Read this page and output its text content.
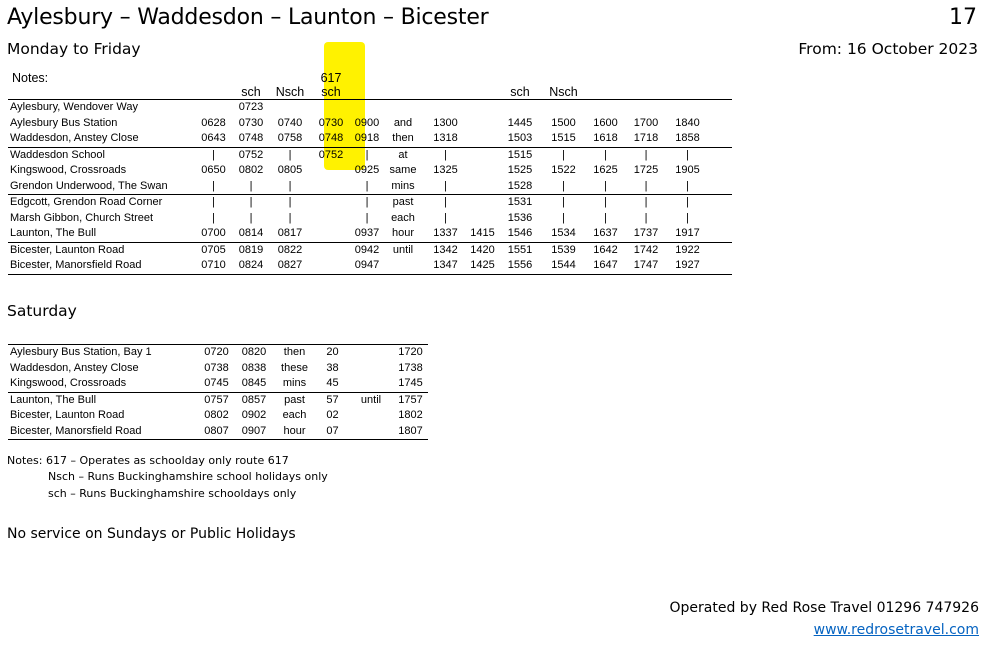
Aylesbury – Waddesdon – Launton – Bicester	17
Monday to Friday	From: 16 October 2023
Notes:				617										
		sch	Nsch	sch					sch	Nsch				
Aylesbury, Wendover Way		0723												
Aylesbury Bus Station	0628	0730	0740	0730	0900	and	1300		1445	1500	1600	1700	1840	
Waddesdon, Anstey Close	0643	0748	0758	0748	0918	then	1318		1503	1515	1618	1718	1858	
Waddesdon School	|	0752	|	0752	|	at	|		1515	|	|	|	|	
Kingswood, Crossroads	0650	0802	0805		0925	same	1325		1525	1522	1625	1725	1905	
Grendon Underwood, The Swan	|	|	|		|	mins	|		1528	|	|	|	|	
Edgcott, Grendon Road Corner	|	|	|		|	past	|		1531	|	|	|	|	
Marsh Gibbon, Church Street	|	|	|		|	each	|		1536	|	|	|	|	
Launton, The Bull	0700	0814	0817		0937	hour	1337	1415	1546	1534	1637	1737	1917	
Bicester, Launton Road	0705	0819	0822		0942	until	1342	1420	1551	1539	1642	1742	1922	
Bicester, Manorsfield Road	0710	0824	0827		0947		1347	1425	1556	1544	1647	1747	1927	
Saturday
Aylesbury Bus Station, Bay 1	0720	0820	then	20		1720
Waddesdon, Anstey Close	0738	0838	these	38		1738
Kingswood, Crossroads	0745	0845	mins	45		1745
Launton, The Bull	0757	0857	past	57	until	1757
Bicester, Launton Road	0802	0902	each	02		1802
Bicester, Manorsfield Road	0807	0907	hour	07		1807
Notes: 617 – Operates as schoolday only route 617
Nsch – Runs Buckinghamshire school holidays only
sch – Runs Buckinghamshire schooldays only
No service on Sundays or Public Holidays
Operated by Red Rose Travel 01296 747926
www.redrosetravel.com
